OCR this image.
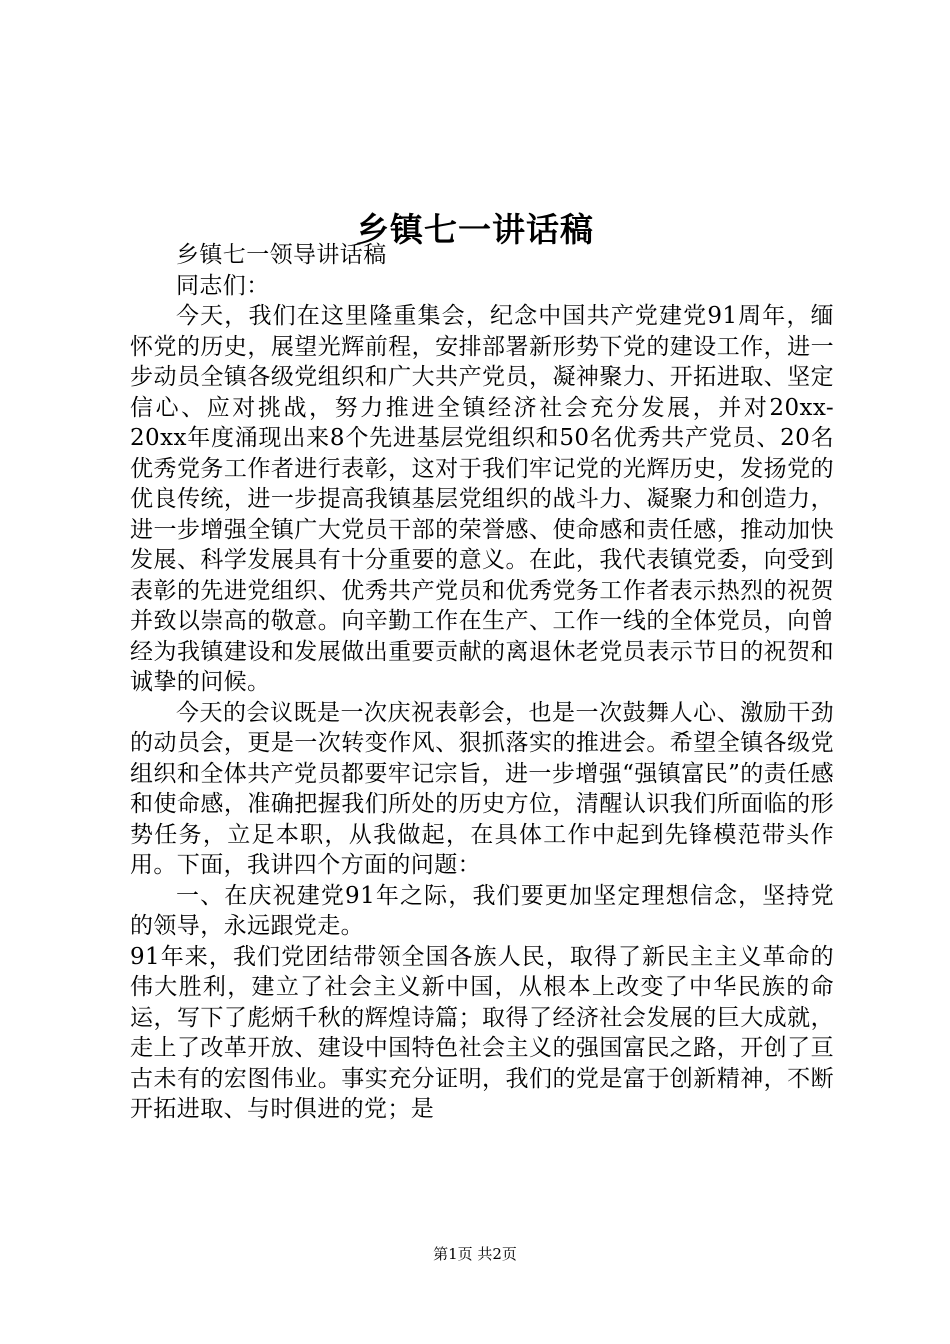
乡镇七一讲话稿

乡镇七一领导讲话稿

同志们：

今天，我们在这里隆重集会，纪念中国共产党建党91周年，缅怀党的历史，展望光辉前程，安排部署新形势下党的建设工作，进一步动员全镇各级党组织和广大共产党员，凝神聚力、开拓进取、坚定信心、应对挑战，努力推进全镇经济社会充分发展，并对20xx-20xx年度涌现出来8个先进基层党组织和50名优秀共产党员、20名优秀党务工作者进行表彰，这对于我们牢记党的光辉历史，发扬党的优良传统，进一步提高我镇基层党组织的战斗力、凝聚力和创造力，进一步增强全镇广大党员干部的荣誉感、使命感和责任感，推动加快发展、科学发展具有十分重要的意义。在此，我代表镇党委，向受到表彰的先进党组织、优秀共产党员和优秀党务工作者表示热烈的祝贺并致以崇高的敬意。向辛勤工作在生产、工作一线的全体党员，向曾经为我镇建设和发展做出重要贡献的离退休老党员表示节日的祝贺和诚挚的问候。

今天的会议既是一次庆祝表彰会，也是一次鼓舞人心、激励干劲的动员会，更是一次转变作风、狠抓落实的推进会。希望全镇各级党组织和全体共产党员都要牢记宗旨，进一步增强“强镇富民”的责任感和使命感，准确把握我们所处的历史方位，清醒认识我们所面临的形势任务，立足本职，从我做起，在具体工作中起到先锋模范带头作用。下面，我讲四个方面的问题：

一、在庆祝建党91年之际，我们要更加坚定理想信念，坚持党的领导，永远跟党走。

91年来，我们党团结带领全国各族人民，取得了新民主主义革命的伟大胜利，建立了社会主义新中国，从根本上改变了中华民族的命运，写下了彪炳千秋的辉煌诗篇；取得了经济社会发展的巨大成就，走上了改革开放、建设中国特色社会主义的强国富民之路，开创了亘古未有的宏图伟业。事实充分证明，我们的党是富于创新精神，不断开拓进取、与时俱进的党；是

第1页 共2页
